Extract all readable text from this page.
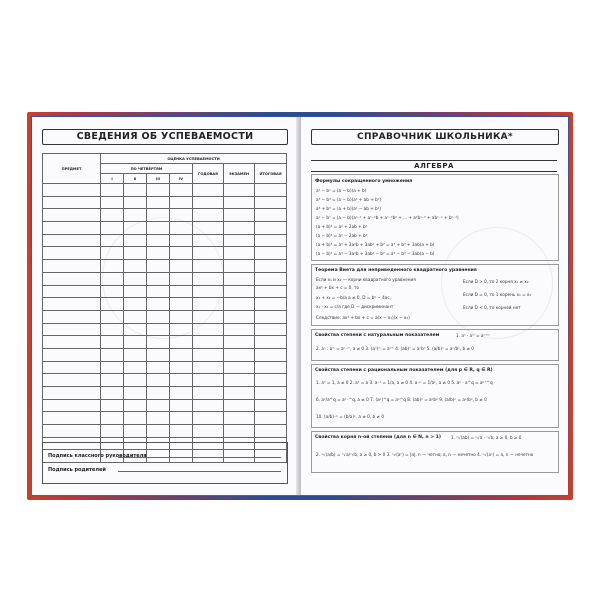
СВЕДЕНИЯ ОБ УСПЕВАЕМОСТИ
ПРЕДМЕТ	ОЦЕНКА УСПЕВАЕМОСТИ						
	ПО ЧЕТВЕРТЯМ				ГОДОВАЯ	ЭКЗАМЕН	ИТОГОВАЯ
	I	II	III	IV			

Подпись классного руководителя
Подпись родителей
СПРАВОЧНИК ШКОЛЬНИКА*
АЛГЕБРА
Формулы сокращенного умножения
a² − b² = (a − b)(a + b)
a³ − b³ = (a − b)(a² + ab + b²)
a³ + b³ = (a + b)(a² − ab + b²)
aⁿ − bⁿ = (a − b)(aⁿ⁻¹ + aⁿ⁻²b + aⁿ⁻³b² + ... + a²bⁿ⁻³ + abⁿ⁻² + bⁿ⁻¹)
(a + b)² = a² + 2ab + b²
(a − b)² = a² − 2ab + b²
(a + b)³ = a³ + 3a²b + 3ab² + b³ = a³ + b³ + 3ab(a + b)
(a − b)³ = a³ − 3a²b + 3ab² − b³ = a³ − b³ − 3ab(a − b)
Теорема Виета для неприведенного квадратного уравнения
Если x₁ и x₂ — корни квадратного уравнения
ax² + bx + c = 0, то
x₁ + x₂ = −b/a a ≠ 0, D = b² − 4ac,
x₁ · x₂ = c/a где D — дискриминант
Следствие: ax² + bx + c = a(x − x₁)(x − x₂)
Если D > 0, то 2 корня x₁ ≠ x₂
Если D = 0, то 1 корень x₁ = x₂
Если D < 0, то корней нет
Свойства степени с натуральным показателем	1. aⁿ · aᵐ = aⁿ⁺ᵐ
2. aⁿ : aᵐ = aⁿ⁻ᵐ, a ≠ 0 3. (aⁿ)ᵐ = aⁿᵐ 4. (ab)ⁿ = aⁿbⁿ 5. (a/b)ⁿ = aⁿ/bⁿ, b ≠ 0
Свойства степени с рациональным показателем (для p ∈ R, q ∈ R)
1. a⁰ = 1, a ≠ 0 2. a¹ = a 3. a⁻¹ = 1/a, a ≠ 0 4. a⁻ᵖ = 1/aᵖ, a ≠ 0 5. aᵖ · a^q = aᵖ⁺^q
6. aᵖ/a^q = aᵖ⁻^q, a ≠ 0 7. (aᵖ)^q = aᵖ^q 8. (ab)ᵖ = aᵖbᵖ 9. (a/b)ᵖ = aᵖ/bᵖ, b ≠ 0
10. (a/b)⁻ᵖ = (b/a)ᵖ, a ≠ 0, b ≠ 0
Свойства корня n-ой степени (для n ∈ N, n > 1) 1. ⁿ√(ab) = ⁿ√a · ⁿ√b, a ≥ 0, b ≥ 0
2. ⁿ√(a/b) = ⁿ√a/ⁿ√b, a ≥ 0, b > 0 3. ⁿ√(aⁿ) = |a|, n — четно; a, n — нечетно 4. ⁿ√(aⁿ) = a, n — нечетно
